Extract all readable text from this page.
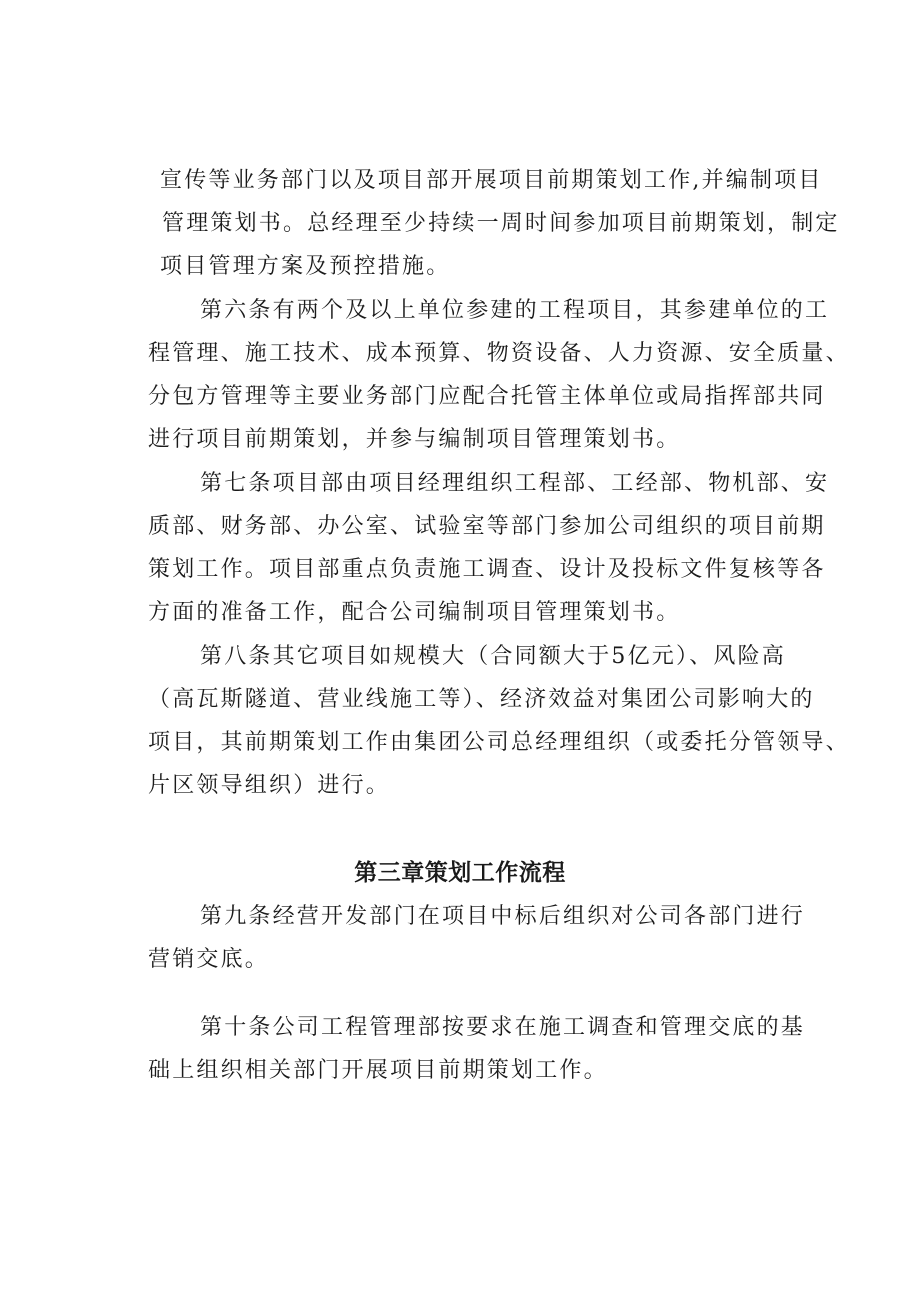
宣传等业务部门以及项目部开展项目前期策划工作,并编制项目
管理策划书。总经理至少持续一周时间参加项目前期策划，制定
项目管理方案及预控措施。
第六条有两个及以上单位参建的工程项目，其参建单位的工
程管理、施工技术、成本预算、物资设备、人力资源、安全质量、
分包方管理等主要业务部门应配合托管主体单位或局指挥部共同
进行项目前期策划，并参与编制项目管理策划书。
第七条项目部由项目经理组织工程部、工经部、物机部、安
质部、财务部、办公室、试验室等部门参加公司组织的项目前期
策划工作。项目部重点负责施工调查、设计及投标文件复核等各
方面的准备工作，配合公司编制项目管理策划书。
第八条其它项目如规模大（合同额大于5亿元）、风险高
（高瓦斯隧道、营业线施工等）、经济效益对集团公司影响大的
项目，其前期策划工作由集团公司总经理组织（或委托分管领导、
片区领导组织）进行。
第三章策划工作流程
第九条经营开发部门在项目中标后组织对公司各部门进行
营销交底。
第十条公司工程管理部按要求在施工调查和管理交底的基
础上组织相关部门开展项目前期策划工作。
